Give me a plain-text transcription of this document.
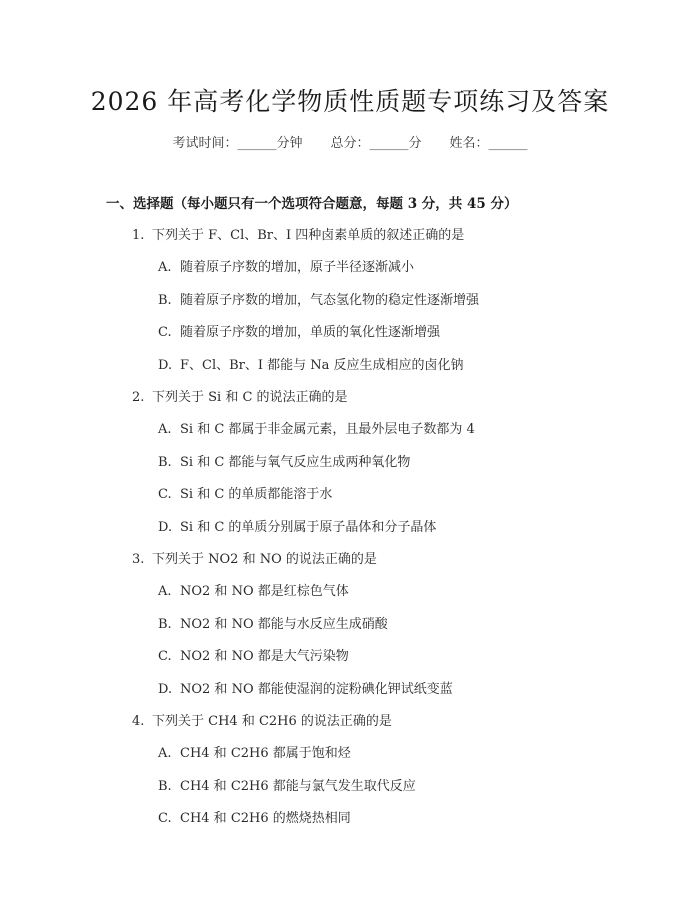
2026 年高考化学物质性质题专项练习及答案
考试时间：______分钟 总分：______分 姓名：______
一、选择题（每小题只有一个选项符合题意，每题 3 分，共 45 分）
1. 下列关于 F、Cl、Br、I 四种卤素单质的叙述正确的是
A. 随着原子序数的增加，原子半径逐渐减小
B. 随着原子序数的增加，气态氢化物的稳定性逐渐增强
C. 随着原子序数的增加，单质的氧化性逐渐增强
D. F、Cl、Br、I 都能与 Na 反应生成相应的卤化钠
2. 下列关于 Si 和 C 的说法正确的是
A. Si 和 C 都属于非金属元素，且最外层电子数都为 4
B. Si 和 C 都能与氧气反应生成两种氧化物
C. Si 和 C 的单质都能溶于水
D. Si 和 C 的单质分别属于原子晶体和分子晶体
3. 下列关于 NO2 和 NO 的说法正确的是
A. NO2 和 NO 都是红棕色气体
B. NO2 和 NO 都能与水反应生成硝酸
C. NO2 和 NO 都是大气污染物
D. NO2 和 NO 都能使湿润的淀粉碘化钾试纸变蓝
4. 下列关于 CH4 和 C2H6 的说法正确的是
A. CH4 和 C2H6 都属于饱和烃
B. CH4 和 C2H6 都能与氯气发生取代反应
C. CH4 和 C2H6 的燃烧热相同
